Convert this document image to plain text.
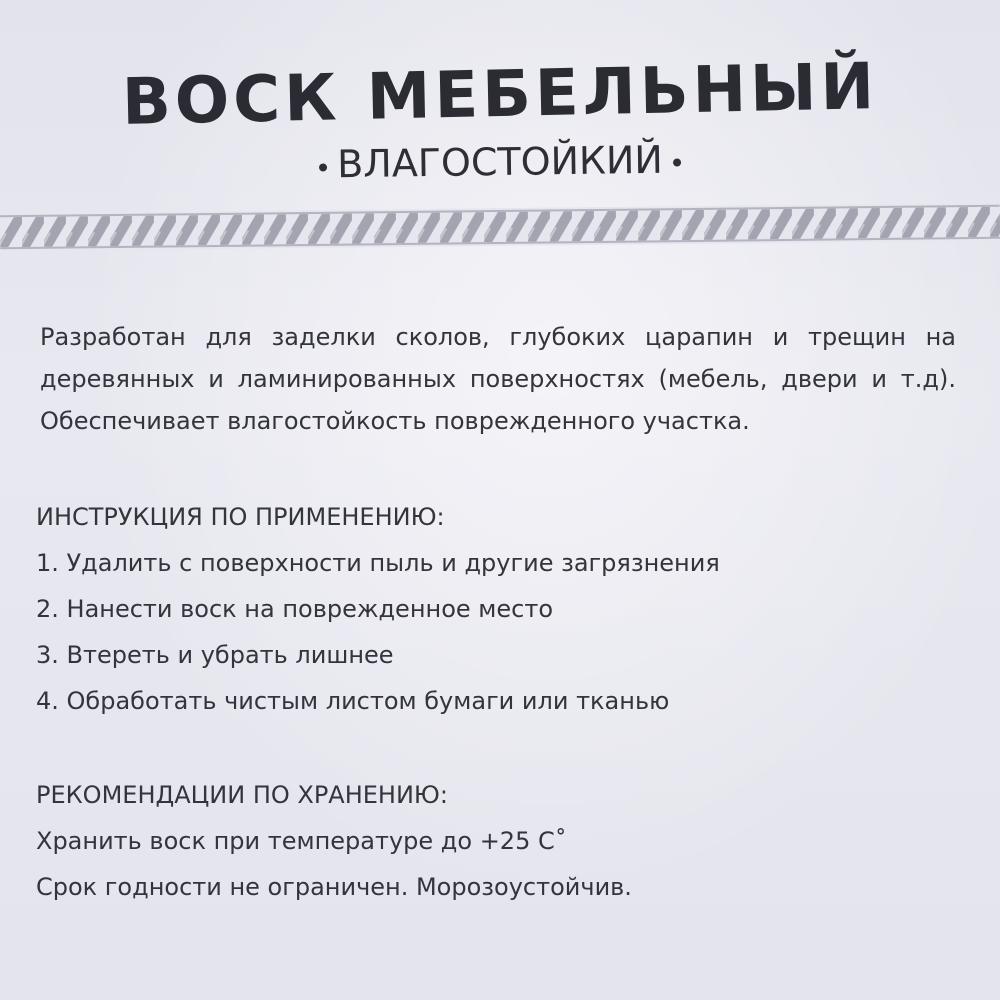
ВОСК МЕБЕЛЬНЫЙ
ВЛАГОСТОЙКИЙ

Разработан для заделки сколов, глубоких царапин и трещин на

деревянных и ламинированных поверхностях (мебель, двери и т.д).

Обеспечивает влагостойкость поврежденного участка.

ИНСТРУКЦИЯ ПО ПРИМЕНЕНИЮ:
1. Удалить с поверхности пыль и другие загрязнения
2. Нанести воск на поврежденное место
3. Втереть и убрать лишнее
4. Обработать чистым листом бумаги или тканью
РЕКОМЕНДАЦИИ ПО ХРАНЕНИЮ:
Хранить воск при температуре до +25 С˚
Срок годности не ограничен. Морозоустойчив.
